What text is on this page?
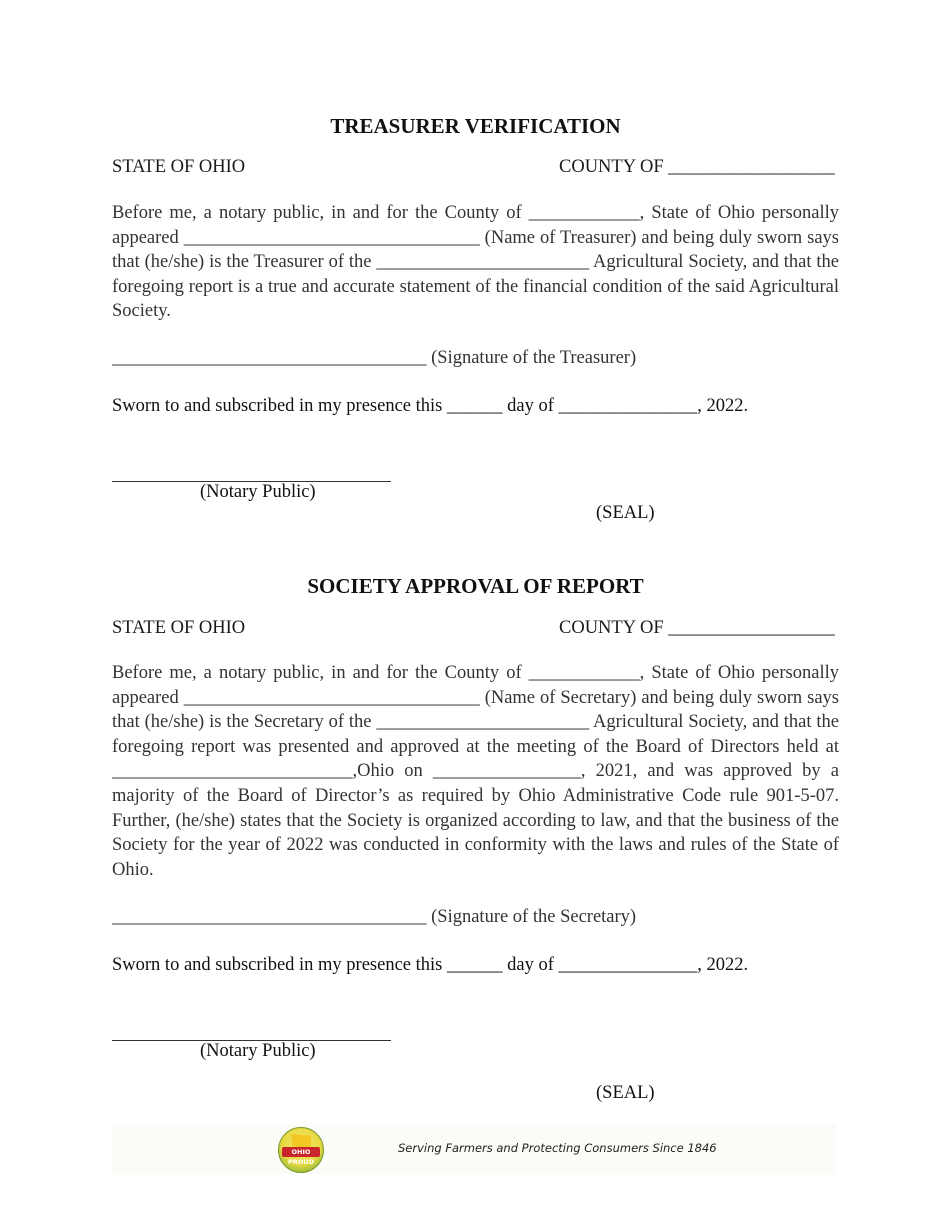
TREASURER VERIFICATION
STATE OF OHIO	COUNTY OF __________________
Before me, a notary public, in and for the County of ____________, State of Ohio personally appeared ________________________________ (Name of Treasurer) and being duly sworn says that (he/she) is the Treasurer of the _______________________ Agricultural Society, and that the foregoing report is a true and accurate statement of the financial condition of the said Agricultural Society.
__________________________________ (Signature of the Treasurer)
Sworn to and subscribed in my presence this ______ day of _______________, 2022.
(Notary Public)
(SEAL)
SOCIETY APPROVAL OF REPORT
STATE OF OHIO	COUNTY OF __________________
Before me, a notary public, in and for the County of ____________, State of Ohio personally appeared ________________________________ (Name of Secretary) and being duly sworn says that (he/she) is the Secretary of the _______________________ Agricultural Society, and that the foregoing report was presented and approved at the meeting of the Board of Directors held at __________________________,Ohio on ________________, 2021, and was approved by a majority of the Board of Director’s as required by Ohio Administrative Code rule 901-5-07. Further, (he/she) states that the Society is organized according to law, and that the business of the Society for the year of 2022 was conducted in conformity with the laws and rules of the State of Ohio.
__________________________________ (Signature of the Secretary)
Sworn to and subscribed in my presence this ______ day of _______________, 2022.
(Notary Public)
(SEAL)
OHIO PROUD
Serving Farmers and Protecting Consumers Since 1846
